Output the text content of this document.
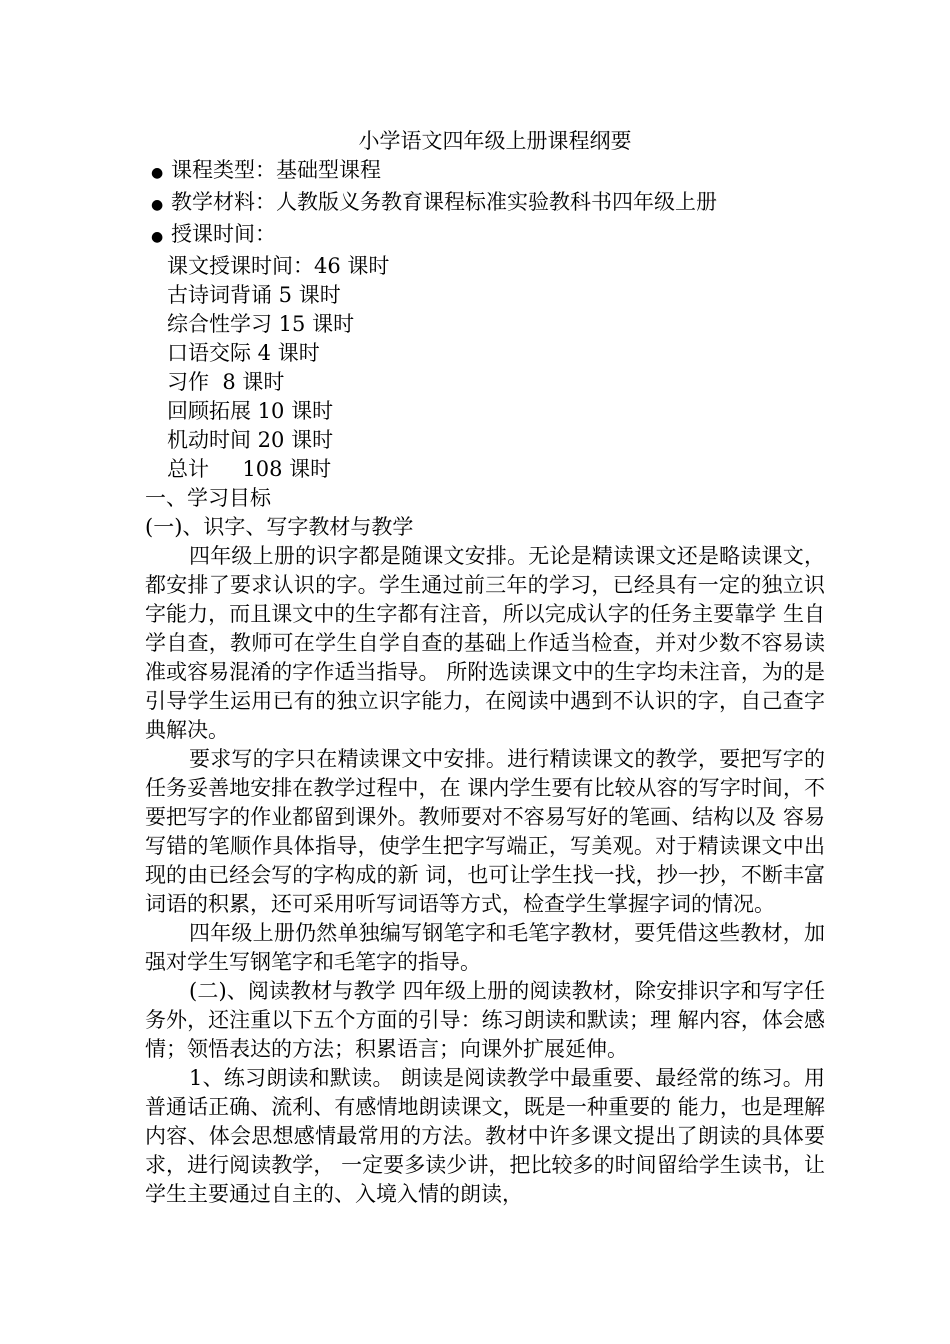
小学语文四年级上册课程纲要
● 课程类型：基础型课程
● 教学材料：人教版义务教育课程标准实验教科书四年级上册
● 授课时间：
课文授课时间：46 课时
古诗词背诵 5 课时
综合性学习 15 课时
口语交际 4 课时
习作  8 课时
回顾拓展 10 课时
机动时间 20 课时
总计     108 课时
一、学习目标
(一)、识字、写字教材与教学

四年级上册的识字都是随课文安排。无论是精读课文还是略读课文，都安排了要求认识的字。学生通过前三年的学习，已经具有一定的独立识字能力，而且课文中的生字都有注音，所以完成认字的任务主要靠学 生自学自查，教师可在学生自学自查的基础上作适当检查，并对少数不容易读准或容易混淆的字作适当指导。 所附选读课文中的生字均未注音，为的是引导学生运用已有的独立识字能力，在阅读中遇到不认识的字，自己查字典解决。

要求写的字只在精读课文中安排。进行精读课文的教学，要把写字的任务妥善地安排在教学过程中，在 课内学生要有比较从容的写字时间，不要把写字的作业都留到课外。教师要对不容易写好的笔画、结构以及 容易写错的笔顺作具体指导，使学生把字写端正，写美观。对于精读课文中出现的由已经会写的字构成的新 词，也可让学生找一找，抄一抄，不断丰富词语的积累，还可采用听写词语等方式，检查学生掌握字词的情况。

四年级上册仍然单独编写钢笔字和毛笔字教材，要凭借这些教材，加强对学生写钢笔字和毛笔字的指导。

(二)、阅读教材与教学 四年级上册的阅读教材，除安排识字和写字任务外，还注重以下五个方面的引导：练习朗读和默读；理 解内容，体会感情；领悟表达的方法；积累语言；向课外扩展延伸。

1、练习朗读和默读。 朗读是阅读教学中最重要、最经常的练习。用普通话正确、流利、有感情地朗读课文，既是一种重要的 能力，也是理解内容、体会思想感情最常用的方法。教材中许多课文提出了朗读的具体要求，进行阅读教学， 一定要多读少讲，把比较多的时间留给学生读书，让学生主要通过自主的、入境入情的朗读，
